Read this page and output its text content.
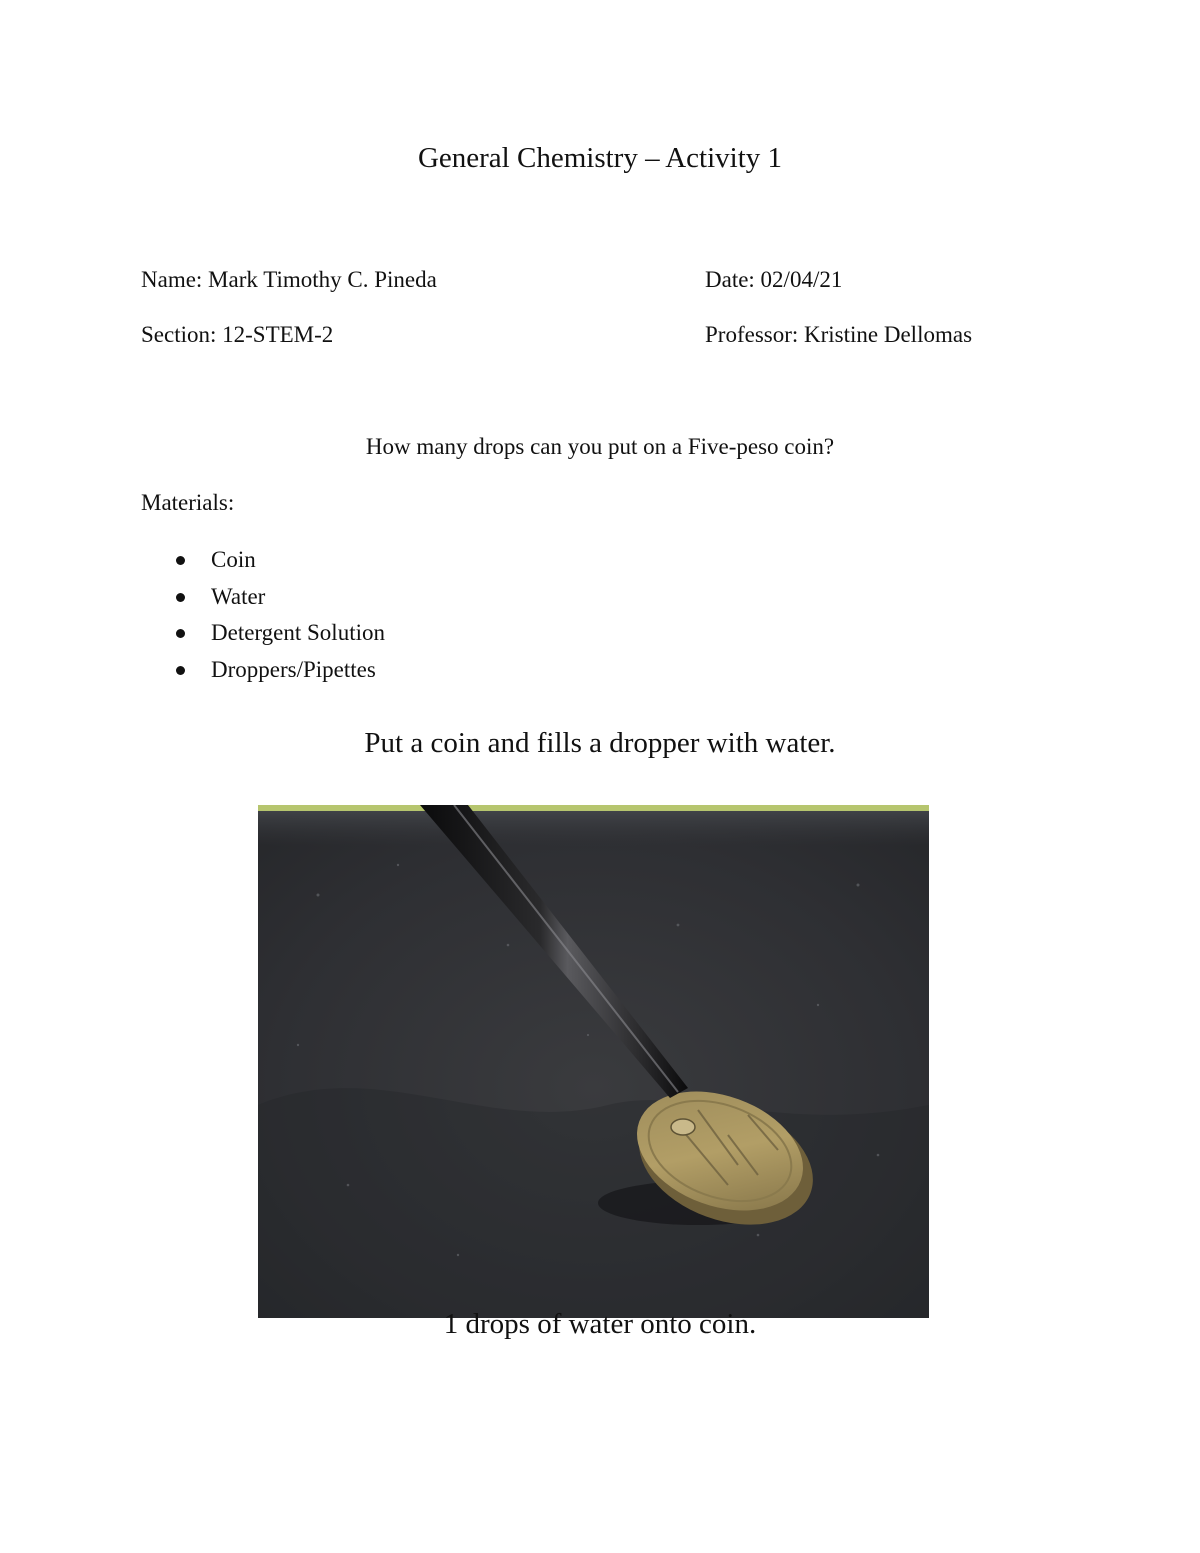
General Chemistry – Activity 1
Name: Mark Timothy C. Pineda	Date: 02/04/21
Section: 12-STEM-2	Professor: Kristine Dellomas
How many drops can you put on a Five-peso coin?
Materials:
Coin
Water
Detergent Solution
Droppers/Pipettes
Put a coin and fills a dropper with water.
1 drops of water onto coin.
